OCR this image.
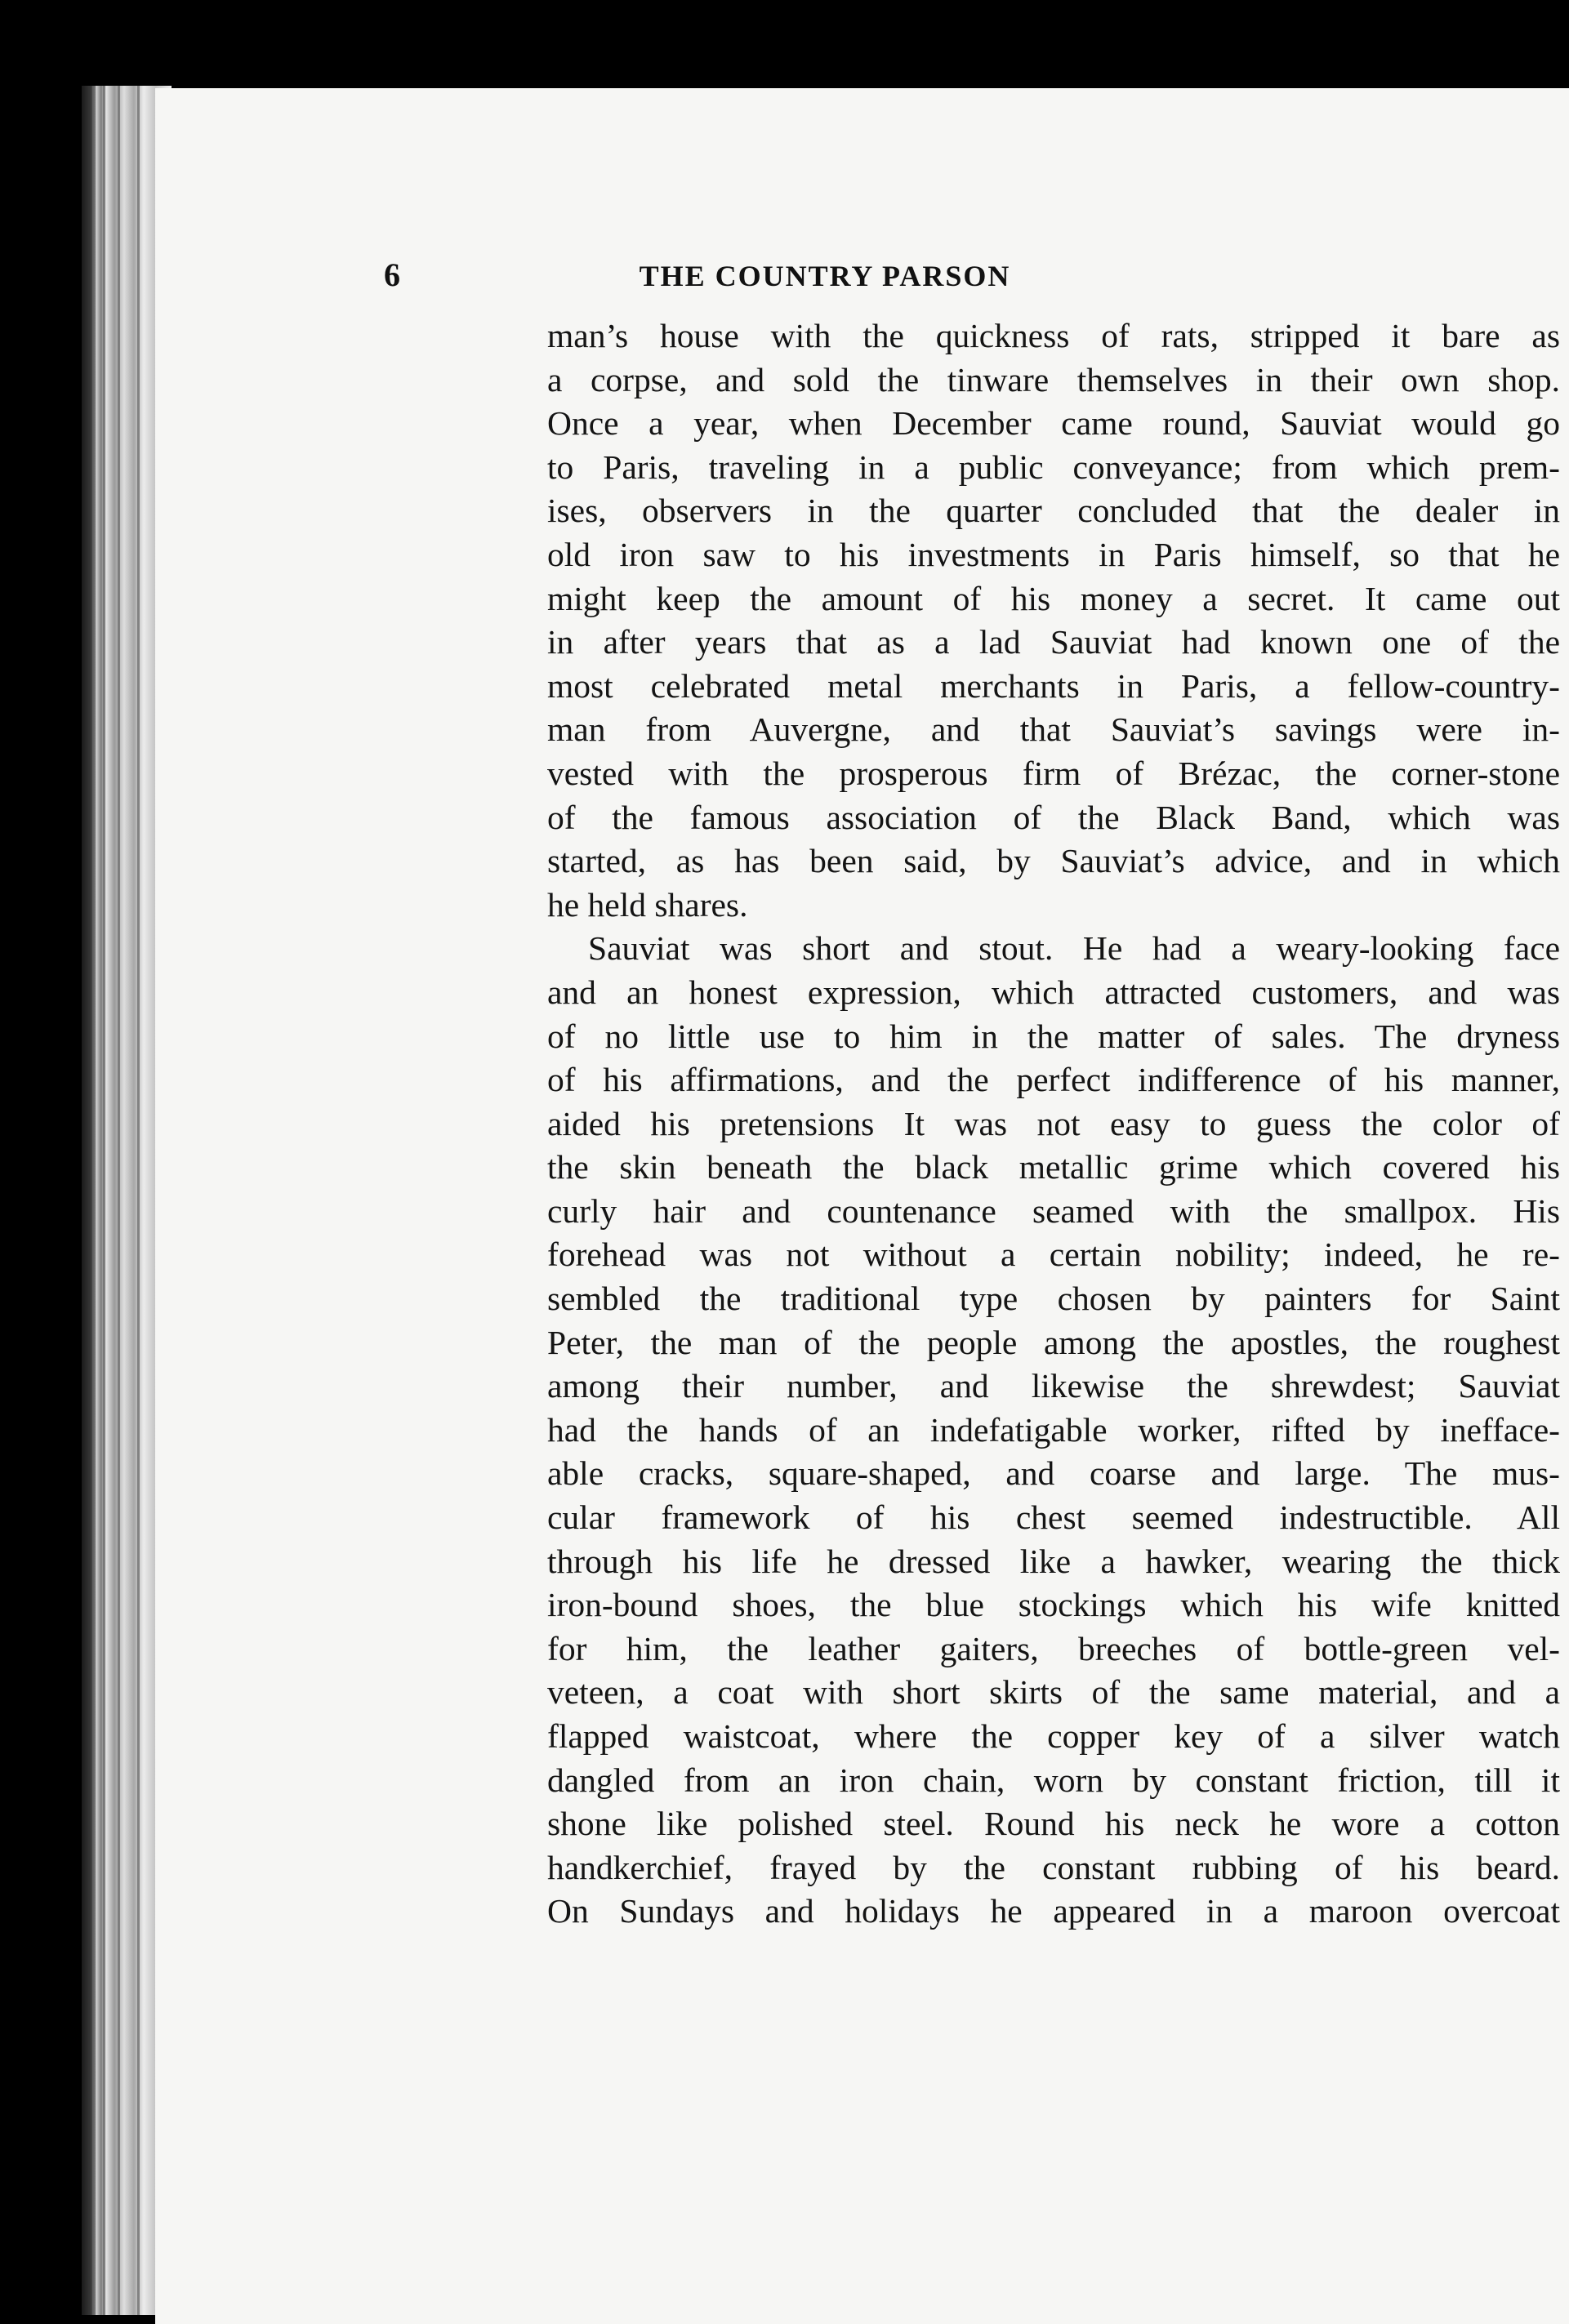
6	THE COUNTRY PARSON
man’s house with the quickness of rats, stripped it bare as
a corpse, and sold the tinware themselves in their own shop.
Once a year, when December came round, Sauviat would go
to Paris, traveling in a public conveyance; from which prem-
ises, observers in the quarter concluded that the dealer in
old iron saw to his investments in Paris himself, so that he
might keep the amount of his money a secret. It came out
in after years that as a lad Sauviat had known one of the
most celebrated metal merchants in Paris, a fellow-country-
man from Auvergne, and that Sauviat’s savings were in-
vested with the prosperous firm of Brézac, the corner-stone
of the famous association of the Black Band, which was
started, as has been said, by Sauviat’s advice, and in which
he held shares.
Sauviat was short and stout. He had a weary-looking face
and an honest expression, which attracted customers, and was
of no little use to him in the matter of sales. The dryness
of his affirmations, and the perfect indifference of his manner,
aided his pretensions It was not easy to guess the color of
the skin beneath the black metallic grime which covered his
curly hair and countenance seamed with the smallpox. His
forehead was not without a certain nobility; indeed, he re-
sembled the traditional type chosen by painters for Saint
Peter, the man of the people among the apostles, the roughest
among their number, and likewise the shrewdest; Sauviat
had the hands of an indefatigable worker, rifted by ineffacе-
able cracks, square-shaped, and coarse and large. The mus-
cular framework of his chest seemed indestructible. All
through his life he dressed like a hawker, wearing the thick
iron-bound shoes, the blue stockings which his wife knitted
for him, the leather gaiters, breeches of bottle-green vel-
veteen, a coat with short skirts of the same material, and a
flapped waistcoat, where the copper key of a silver watch
dangled from an iron chain, worn by constant friction, till it
shone like polished steel. Round his neck he wore a cotton
handkerchief, frayed by the constant rubbing of his beard.
On Sundays and holidays he appeared in a maroon overcoat
